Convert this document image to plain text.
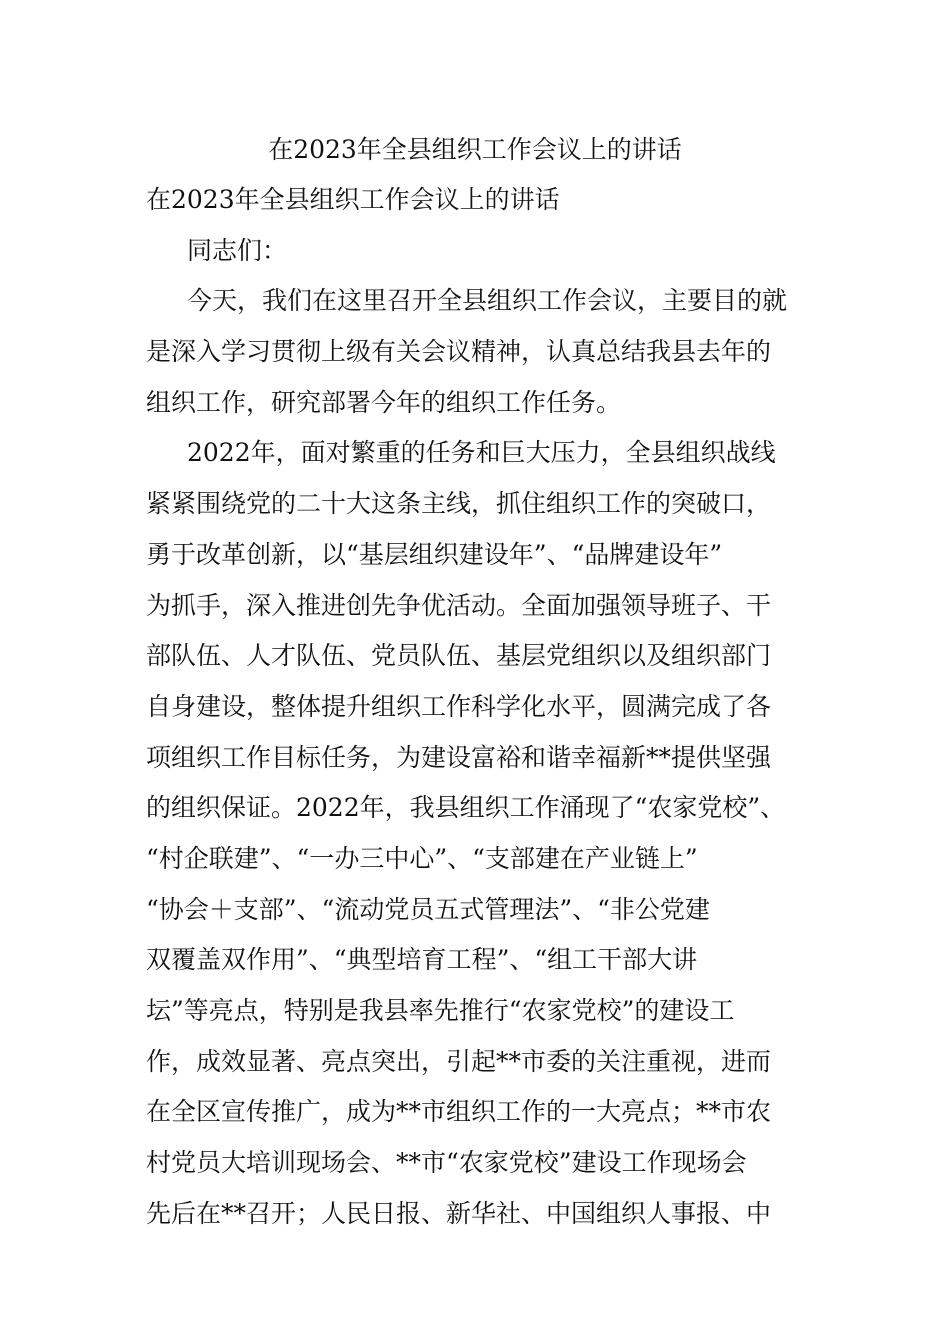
在2023年全县组织工作会议上的讲话
在2023年全县组织工作会议上的讲话
同志们：
今天，我们在这里召开全县组织工作会议，主要目的就
是深入学习贯彻上级有关会议精神，认真总结我县去年的
组织工作，研究部署今年的组织工作任务。
2022年，面对繁重的任务和巨大压力，全县组织战线
紧紧围绕党的二十大这条主线，抓住组织工作的突破口，
勇于改革创新，以“基层组织建设年”、“品牌建设年”
为抓手，深入推进创先争优活动。全面加强领导班子、干
部队伍、人才队伍、党员队伍、基层党组织以及组织部门
自身建设，整体提升组织工作科学化水平，圆满完成了各
项组织工作目标任务，为建设富裕和谐幸福新**提供坚强
的组织保证。2022年，我县组织工作涌现了“农家党校”、
“村企联建”、“一办三中心”、“支部建在产业链上”
“协会＋支部”、“流动党员五式管理法”、“非公党建
双覆盖双作用”、“典型培育工程”、“组工干部大讲
坛”等亮点，特别是我县率先推行“农家党校”的建设工
作，成效显著、亮点突出，引起**市委的关注重视，进而
在全区宣传推广，成为**市组织工作的一大亮点；**市农
村党员大培训现场会、**市“农家党校”建设工作现场会
先后在**召开；人民日报、新华社、中国组织人事报、中
